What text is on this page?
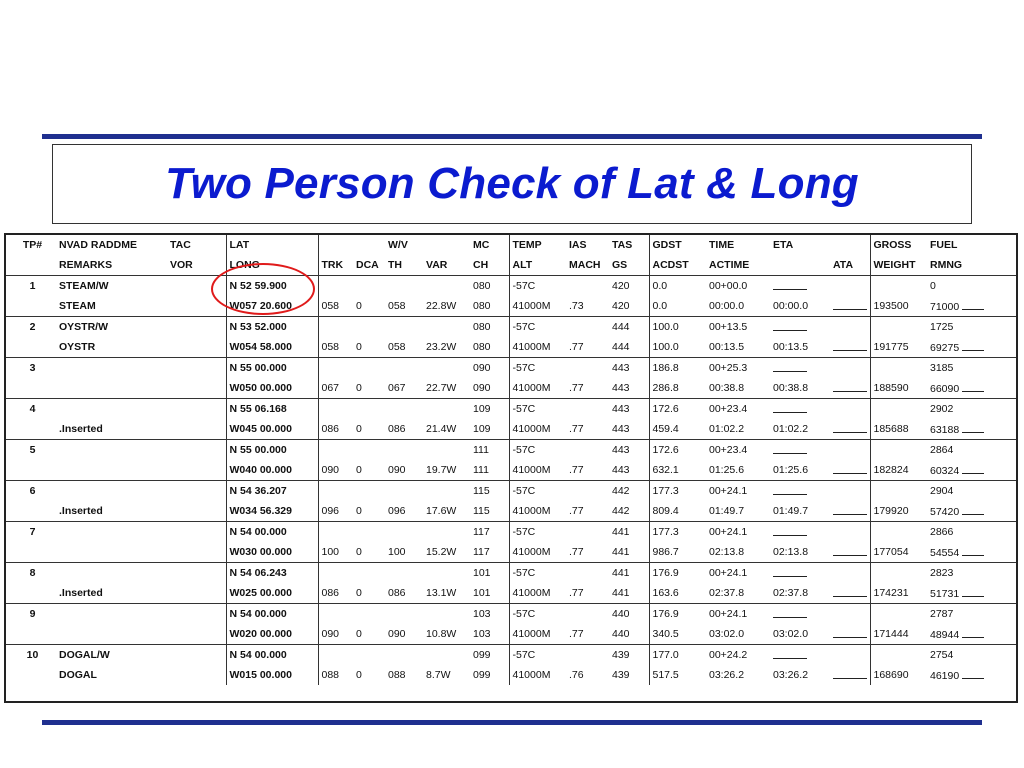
Two Person Check of Lat & Long
TP#	NVAD RADDME	TAC	LAT			W/V		MC	TEMP	IAS	TAS	GDST	TIME	ETA		GROSS	FUEL
	REMARKS	VOR	LONG	TRK	DCA	TH	VAR	CH	ALT	MACH	GS	ACDST	ACTIME		ATA	WEIGHT	RMNG
1	STEAM/W		N 52 59.900					080	-57C		420	0.0	00+00.0				0
	STEAM		W057 20.600	058	0	058	22.8W	080	41000M	.73	420	0.0	00:00.0	00:00.0		193500	71000
2	OYSTR/W		N 53 52.000					080	-57C		444	100.0	00+13.5				1725
	OYSTR		W054 58.000	058	0	058	23.2W	080	41000M	.77	444	100.0	00:13.5	00:13.5		191775	69275
3			N 55 00.000					090	-57C		443	186.8	00+25.3				3185
			W050 00.000	067	0	067	22.7W	090	41000M	.77	443	286.8	00:38.8	00:38.8		188590	66090
4			N 55 06.168					109	-57C		443	172.6	00+23.4				2902
	.Inserted		W045 00.000	086	0	086	21.4W	109	41000M	.77	443	459.4	01:02.2	01:02.2		185688	63188
5			N 55 00.000					111	-57C		443	172.6	00+23.4				2864
			W040 00.000	090	0	090	19.7W	111	41000M	.77	443	632.1	01:25.6	01:25.6		182824	60324
6			N 54 36.207					115	-57C		442	177.3	00+24.1				2904
	.Inserted		W034 56.329	096	0	096	17.6W	115	41000M	.77	442	809.4	01:49.7	01:49.7		179920	57420
7			N 54 00.000					117	-57C		441	177.3	00+24.1				2866
			W030 00.000	100	0	100	15.2W	117	41000M	.77	441	986.7	02:13.8	02:13.8		177054	54554
8			N 54 06.243					101	-57C		441	176.9	00+24.1				2823
	.Inserted		W025 00.000	086	0	086	13.1W	101	41000M	.77	441	163.6	02:37.8	02:37.8		174231	51731
9			N 54 00.000					103	-57C		440	176.9	00+24.1				2787
			W020 00.000	090	0	090	10.8W	103	41000M	.77	440	340.5	03:02.0	03:02.0		171444	48944
10	DOGAL/W		N 54 00.000					099	-57C		439	177.0	00+24.2				2754
	DOGAL		W015 00.000	088	0	088	8.7W	099	41000M	.76	439	517.5	03:26.2	03:26.2		168690	46190
